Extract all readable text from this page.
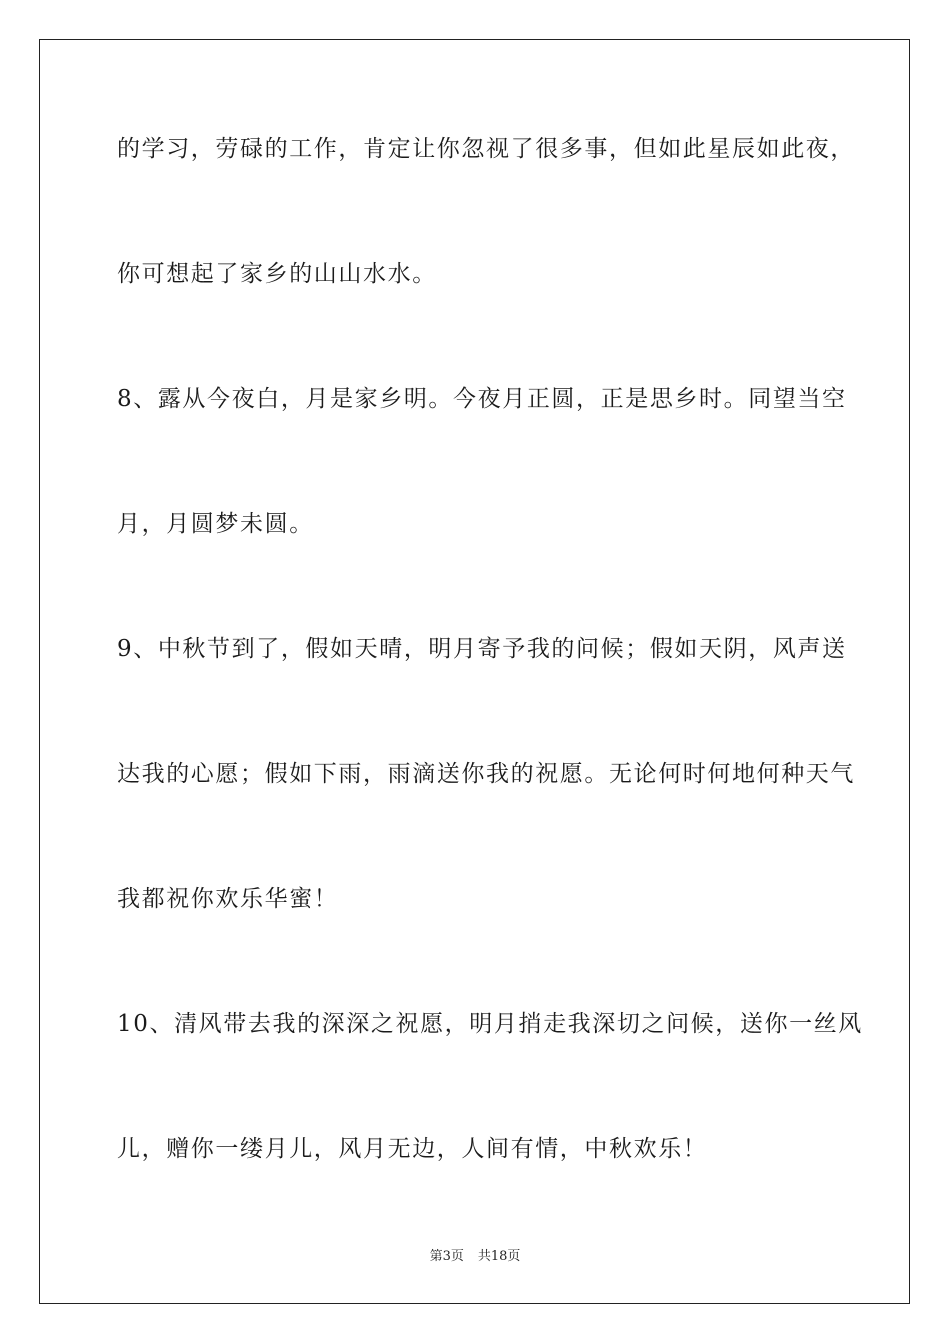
的学习，劳碌的工作，肯定让你忽视了很多事，但如此星辰如此夜，
你可想起了家乡的山山水水。
8、露从今夜白，月是家乡明。今夜月正圆，正是思乡时。同望当空
月，月圆梦未圆。
9、中秋节到了，假如天晴，明月寄予我的问候；假如天阴，风声送
达我的心愿；假如下雨，雨滴送你我的祝愿。无论何时何地何种天气
我都祝你欢乐华蜜！
10、清风带去我的深深之祝愿，明月捎走我深切之问候，送你一丝风
儿，赠你一缕月儿，风月无边，人间有情，中秋欢乐！
第3页 共18页
